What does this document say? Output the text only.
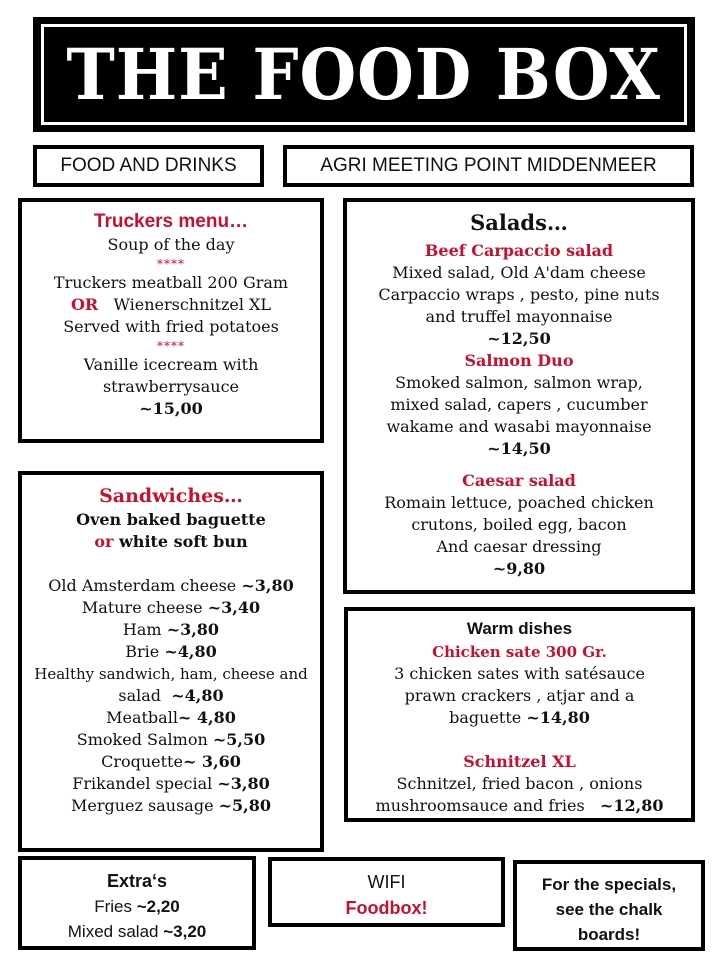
THE FOOD BOX
FOOD AND DRINKS	AGRI MEETING POINT MIDDENMEER
Truckers menu…
Soup of the day
****
Truckers meatball 200 Gram
OR Wienerschnitzel XL
Served with fried potatoes
****
Vanille icecream with
strawberrysauce
~15,00
Salads…
Beef Carpaccio salad
Mixed salad, Old A'dam cheese
Carpaccio wraps , pesto, pine nuts
and truffel mayonnaise
~12,50
Salmon Duo
Smoked salmon, salmon wrap,
mixed salad, capers , cucumber
wakame and wasabi mayonnaise
~14,50
Caesar salad
Romain lettuce, poached chicken
crutons, boiled egg, bacon
And caesar dressing
~9,80
Sandwiches…
Oven baked baguette
or white soft bun
Old Amsterdam cheese ~3,80
Mature cheese ~3,40
Ham ~3,80
Brie ~4,80
Healthy sandwich, ham, cheese and
salad ~4,80
Meatball~ 4,80
Smoked Salmon ~5,50
Croquette~ 3,60
Frikandel special ~3,80
Merguez sausage ~5,80
Warm dishes
Chicken sate 300 Gr.
3 chicken sates with satésauce
prawn crackers , atjar and a
baguette ~14,80
Schnitzel XL
Schnitzel, fried bacon , onions
mushroomsauce and fries ~12,80
Extra‘s
Fries ~2,20
Mixed salad ~3,20
WIFI
Foodbox!
For the specials,
see the chalk
boards!
